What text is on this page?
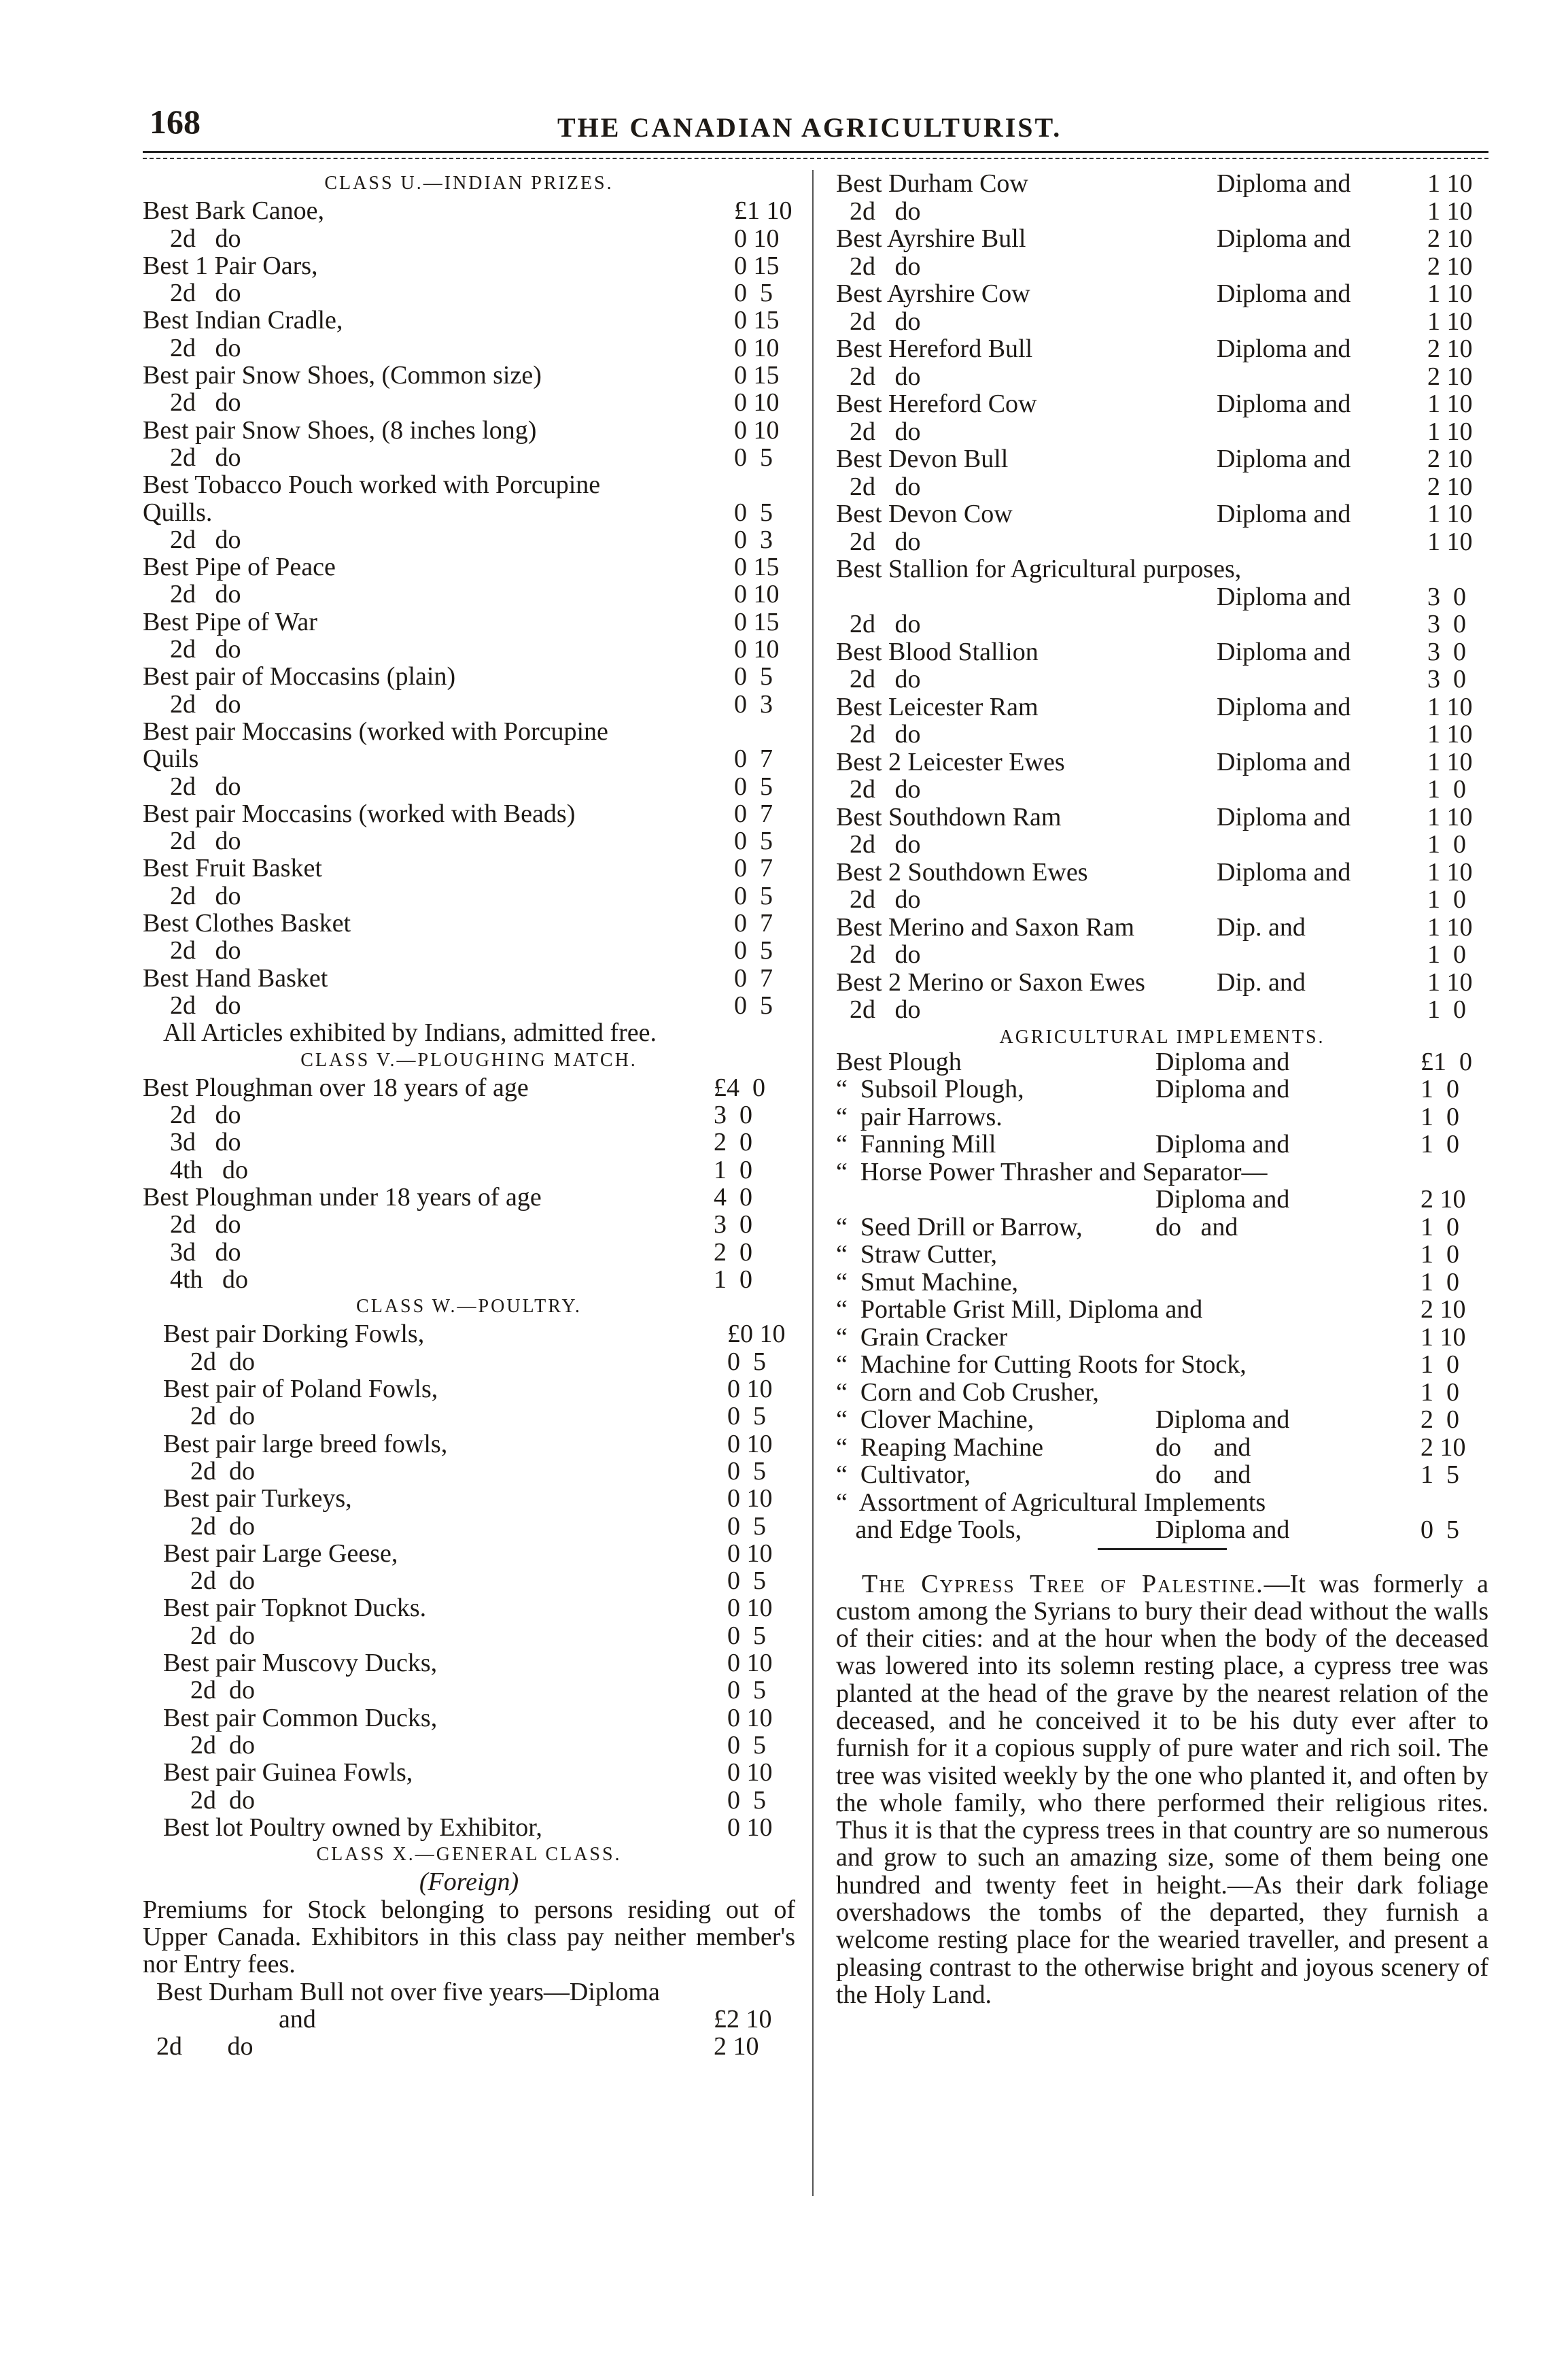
168	THE CANADIAN AGRICULTURIST.
CLASS U.—INDIAN PRIZES.
Best Bark Canoe,	£1 10
2d   do	0 10
Best 1 Pair Oars,	0 15
2d   do	0  5
Best Indian Cradle,	0 15
2d   do	0 10
Best pair Snow Shoes, (Common size)	0 15
2d   do	0 10
Best pair Snow Shoes, (8 inches long)	0 10
2d   do	0  5
Best Tobacco Pouch worked with Porcupine
Quills.	0  5
2d   do	0  3
Best Pipe of Peace	0 15
2d   do	0 10
Best Pipe of War	0 15
2d   do	0 10
Best pair of Moccasins (plain)	0  5
2d   do	0  3
Best pair Moccasins (worked with Porcupine
Quils	0  7
2d   do	0  5
Best pair Moccasins (worked with Beads)	0  7
2d   do	0  5
Best Fruit Basket	0  7
2d   do	0  5
Best Clothes Basket	0  7
2d   do	0  5
Best Hand Basket	0  7
2d   do	0  5
All Articles exhibited by Indians, admitted free.
CLASS V.—PLOUGHING MATCH.
Best Ploughman over 18 years of age	£4  0
2d   do	3  0
3d   do	2  0
4th   do	1  0
Best Ploughman under 18 years of age	4  0
2d   do	3  0
3d   do	2  0
4th   do	1  0
CLASS W.—POULTRY.
Best pair Dorking Fowls,	£0 10
2d  do	0  5
Best pair of Poland Fowls,	0 10
2d  do	0  5
Best pair large breed fowls,	0 10
2d  do	0  5
Best pair Turkeys,	0 10
2d  do	0  5
Best pair Large Geese,	0 10
2d  do	0  5
Best pair Topknot Ducks.	0 10
2d  do	0  5
Best pair Muscovy Ducks,	0 10
2d  do	0  5
Best pair Common Ducks,	0 10
2d  do	0  5
Best pair Guinea Fowls,	0 10
2d  do	0  5
Best lot Poultry owned by Exhibitor,	0 10
CLASS X.—GENERAL CLASS.
(Foreign)
Premiums for Stock belonging to persons residing out of Upper Canada. Exhibitors in this class pay neither member's nor Entry fees.
Best Durham Bull not over five years—Diploma
and	£2 10
2d       do	2 10
Best Durham Cow	Diploma and	1 10
2d   do	1 10
Best Ayrshire Bull	Diploma and	2 10
2d   do	2 10
Best Ayrshire Cow	Diploma and	1 10
2d   do	1 10
Best Hereford Bull	Diploma and	2 10
2d   do	2 10
Best Hereford Cow	Diploma and	1 10
2d   do	1 10
Best Devon Bull	Diploma and	2 10
2d   do	2 10
Best Devon Cow	Diploma and	1 10
2d   do	1 10
Best Stallion for Agricultural purposes,
Diploma and	3  0
2d   do	3  0
Best Blood Stallion	Diploma and	3  0
2d   do	3  0
Best Leicester Ram	Diploma and	1 10
2d   do	1 10
Best 2 Leicester Ewes	Diploma and	1 10
2d   do	1  0
Best Southdown Ram	Diploma and	1 10
2d   do	1  0
Best 2 Southdown Ewes	Diploma and	1 10
2d   do	1  0
Best Merino and Saxon Ram	Dip. and	1 10
2d   do	1  0
Best 2 Merino or Saxon Ewes	Dip. and	1 10
2d   do	1  0
AGRICULTURAL IMPLEMENTS.
Best Plough	Diploma and	£1  0
“  Subsoil Plough,	Diploma and	1  0
“  pair Harrows.	1  0
“  Fanning Mill	Diploma and	1  0
“  Horse Power Thrasher and Separator—
Diploma and	2 10
“  Seed Drill or Barrow,	do   and	1  0
“  Straw Cutter,	1  0
“  Smut Machine,	1  0
“  Portable Grist Mill, Diploma and	2 10
“  Grain Cracker	1 10
“  Machine for Cutting Roots for Stock,	1  0
“  Corn and Cob Crusher,	1  0
“  Clover Machine,	Diploma and	2  0
“  Reaping Machine	do     and	2 10
“  Cultivator,	do     and	1  5
“  Assortment of Agricultural Implements
and Edge Tools,	Diploma and	0  5
 The Cypress Tree of Palestine.—It was formerly a custom among the Syrians to bury their dead without the walls of their cities: and at the hour when the body of the deceased was lowered into its solemn resting place, a cypress tree was planted at the head of the grave by the nearest relation of the deceased, and he conceived it to be his duty ever after to furnish for it a copious supply of pure water and rich soil. The tree was visited weekly by the one who planted it, and often by the whole family, who there performed their religious rites. Thus it is that the cypress trees in that country are so numerous and grow to such an amazing size, some of them being one hundred and twenty feet in height.—As their dark foliage overshadows the tombs of the departed, they furnish a welcome resting place for the wearied traveller, and present a pleasing contrast to the otherwise bright and joyous scenery of the Holy Land.
